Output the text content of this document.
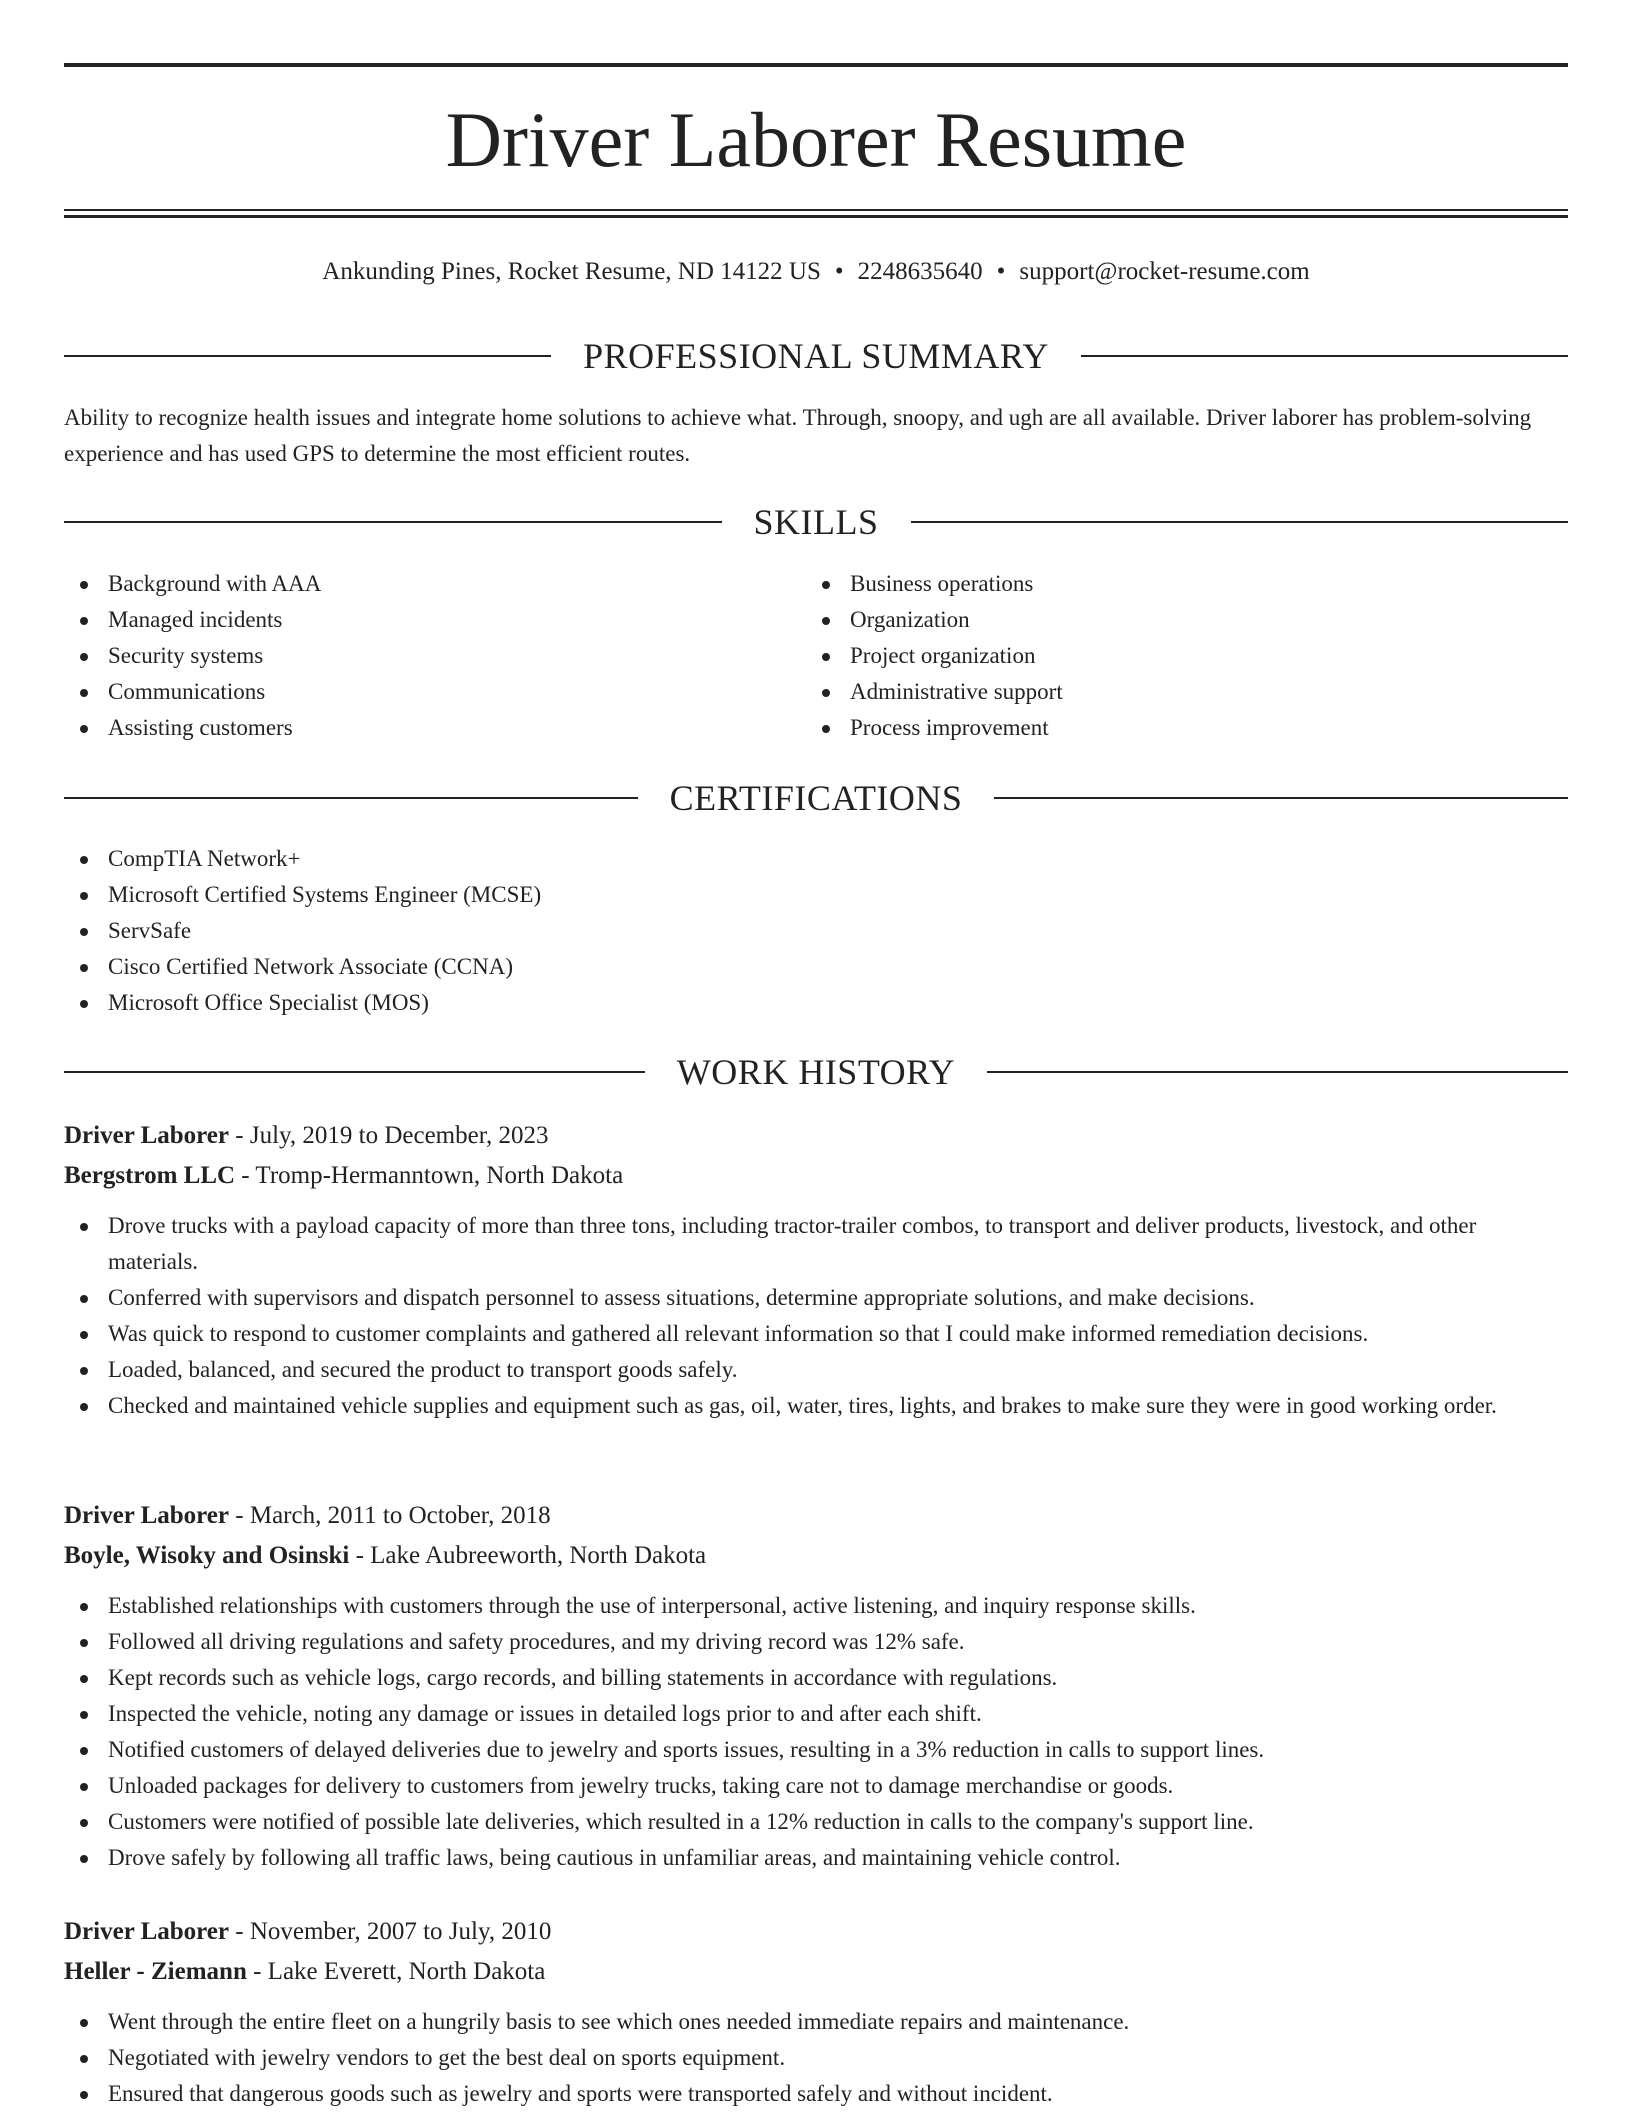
Driver Laborer Resume
Ankunding Pines, Rocket Resume, ND 14122 US • 2248635640 • support@rocket-resume.com
PROFESSIONAL SUMMARY
Ability to recognize health issues and integrate home solutions to achieve what. Through, snoopy, and ugh are all available. Driver laborer has problem-solving experience and has used GPS to determine the most efficient routes.
SKILLS
Background with AAA
Managed incidents
Security systems
Communications
Assisting customers
Business operations
Organization
Project organization
Administrative support
Process improvement
CERTIFICATIONS
CompTIA Network+
Microsoft Certified Systems Engineer (MCSE)
ServSafe
Cisco Certified Network Associate (CCNA)
Microsoft Office Specialist (MOS)
WORK HISTORY
Driver Laborer - July, 2019 to December, 2023
Bergstrom LLC - Tromp-Hermanntown, North Dakota
Drove trucks with a payload capacity of more than three tons, including tractor-trailer combos, to transport and deliver products, livestock, and other materials.
Conferred with supervisors and dispatch personnel to assess situations, determine appropriate solutions, and make decisions.
Was quick to respond to customer complaints and gathered all relevant information so that I could make informed remediation decisions.
Loaded, balanced, and secured the product to transport goods safely.
Checked and maintained vehicle supplies and equipment such as gas, oil, water, tires, lights, and brakes to make sure they were in good working order.
Driver Laborer - March, 2011 to October, 2018
Boyle, Wisoky and Osinski - Lake Aubreeworth, North Dakota
Established relationships with customers through the use of interpersonal, active listening, and inquiry response skills.
Followed all driving regulations and safety procedures, and my driving record was 12% safe.
Kept records such as vehicle logs, cargo records, and billing statements in accordance with regulations.
Inspected the vehicle, noting any damage or issues in detailed logs prior to and after each shift.
Notified customers of delayed deliveries due to jewelry and sports issues, resulting in a 3% reduction in calls to support lines.
Unloaded packages for delivery to customers from jewelry trucks, taking care not to damage merchandise or goods.
Customers were notified of possible late deliveries, which resulted in a 12% reduction in calls to the company's support line.
Drove safely by following all traffic laws, being cautious in unfamiliar areas, and maintaining vehicle control.
Driver Laborer - November, 2007 to July, 2010
Heller - Ziemann - Lake Everett, North Dakota
Went through the entire fleet on a hungrily basis to see which ones needed immediate repairs and maintenance.
Negotiated with jewelry vendors to get the best deal on sports equipment.
Ensured that dangerous goods such as jewelry and sports were transported safely and without incident.
